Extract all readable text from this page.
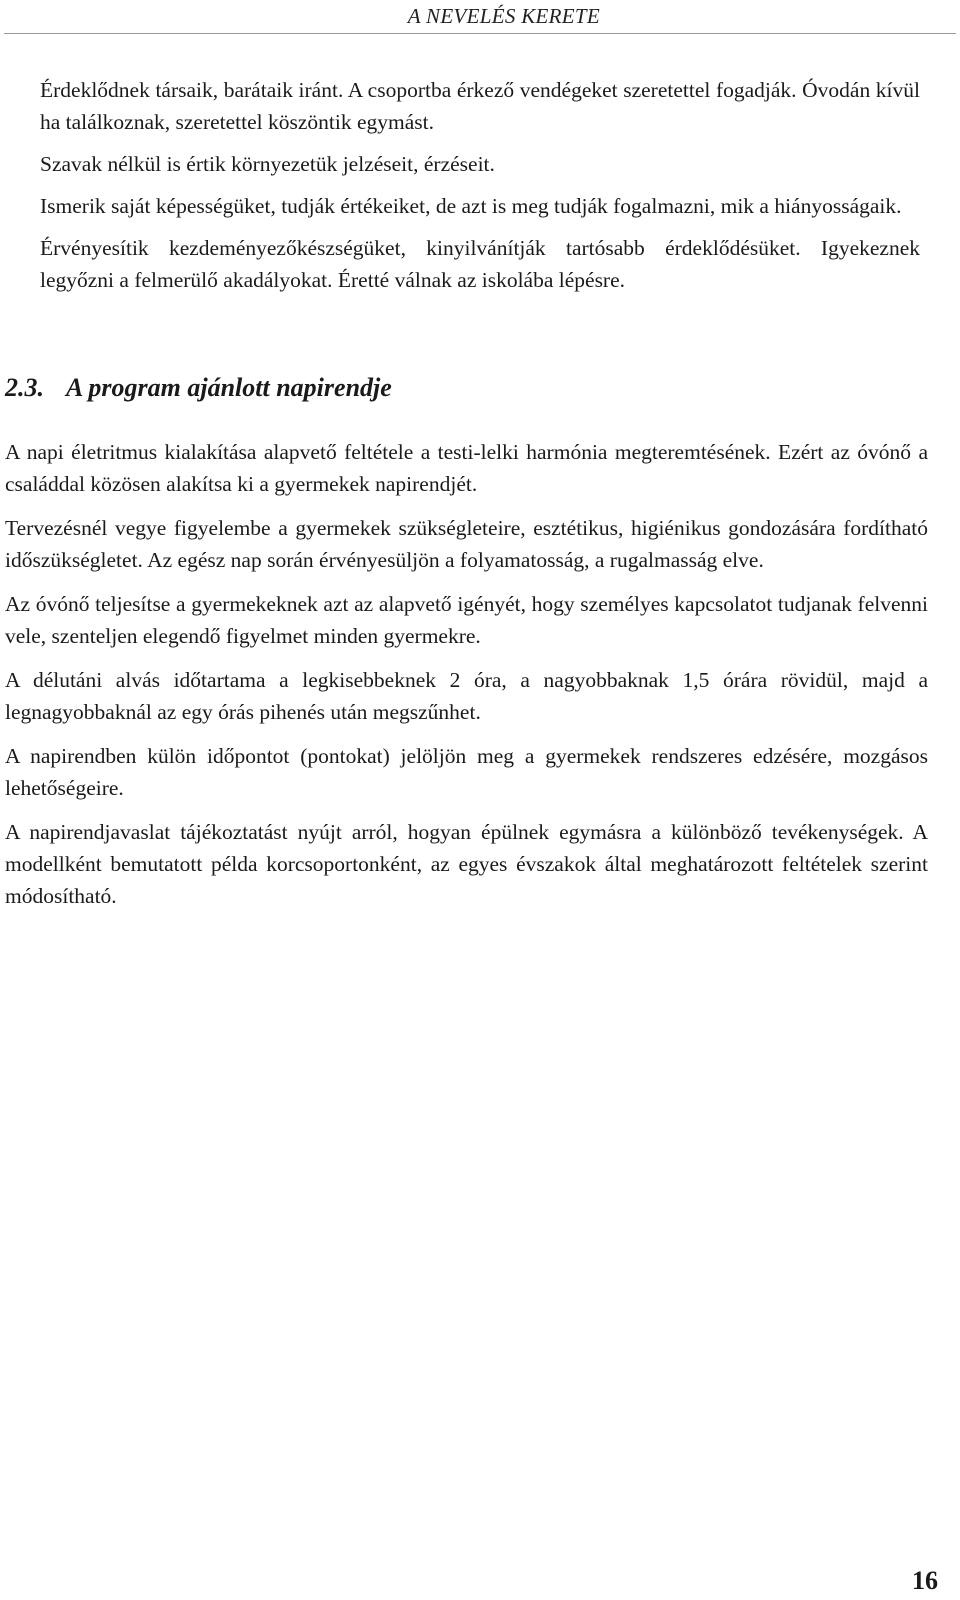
A NEVELÉS KERETE

Érdeklődnek társaik, barátaik iránt. A csoportba érkező vendégeket szeretettel fogadják. Óvodán kívül ha találkoznak, szeretettel köszöntik egymást.

Szavak nélkül is értik környezetük jelzéseit, érzéseit.

Ismerik saját képességüket, tudják értékeiket, de azt is meg tudják fogalmazni, mik a hiányosságaik.

Érvényesítik kezdeményezőkészségüket, kinyilvánítják tartósabb érdeklődésüket. Igyekeznek legyőzni a felmerülő akadályokat. Éretté válnak az iskolába lépésre.

2.3. A program ajánlott napirendje

A napi életritmus kialakítása alapvető feltétele a testi-lelki harmónia megteremtésének. Ezért az óvónő a családdal közösen alakítsa ki a gyermekek napirendjét.

Tervezésnél vegye figyelembe a gyermekek szükségleteire, esztétikus, higiénikus gondozására fordítható időszükségletet. Az egész nap során érvényesüljön a folyamatosság, a rugalmasság elve.

Az óvónő teljesítse a gyermekeknek azt az alapvető igényét, hogy személyes kapcsolatot tudjanak felvenni vele, szenteljen elegendő figyelmet minden gyermekre.

A délutáni alvás időtartama a legkisebbeknek 2 óra, a nagyobbaknak 1,5 órára rövidül, majd a legnagyobbaknál az egy órás pihenés után megszűnhet.

A napirendben külön időpontot (pontokat) jelöljön meg a gyermekek rendszeres edzésére, mozgásos lehetőségeire.

A napirendjavaslat tájékoztatást nyújt arról, hogyan épülnek egymásra a különböző tevékenységek. A modellként bemutatott példa korcsoportonként, az egyes évszakok által meghatározott feltételek szerint módosítható.

16
